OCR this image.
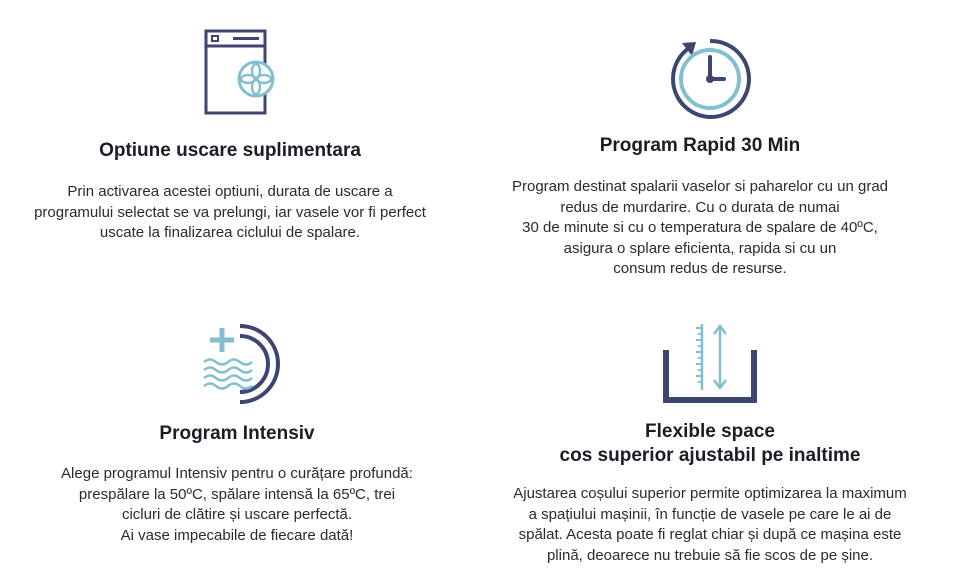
Optiune uscare suplimentara
Prin activarea acestei optiuni, durata de uscare a
programului selectat se va prelungi, iar vasele vor fi perfect
uscate la finalizarea ciclului de spalare.
Program Rapid 30 Min
Program destinat spalarii vaselor si paharelor cu un grad
redus de murdarire. Cu o durata de numai
30 de minute si cu o temperatura de spalare de 40ºC,
asigura o splare eficienta, rapida si cu un
consum redus de resurse.
Program Intensiv
Alege programul Intensiv pentru o curățare profundă:
prespălare la 50ºC, spălare intensă la 65ºC, trei
cicluri de clătire și uscare perfectă.
Ai vase impecabile de fiecare dată!
Flexible space
cos superior ajustabil pe inaltime
Ajustarea coșului superior permite optimizarea la maximum
a spațiului mașinii, în funcție de vasele pe care le ai de
spălat. Acesta poate fi reglat chiar și după ce mașina este
plină, deoarece nu trebuie să fie scos de pe șine.
